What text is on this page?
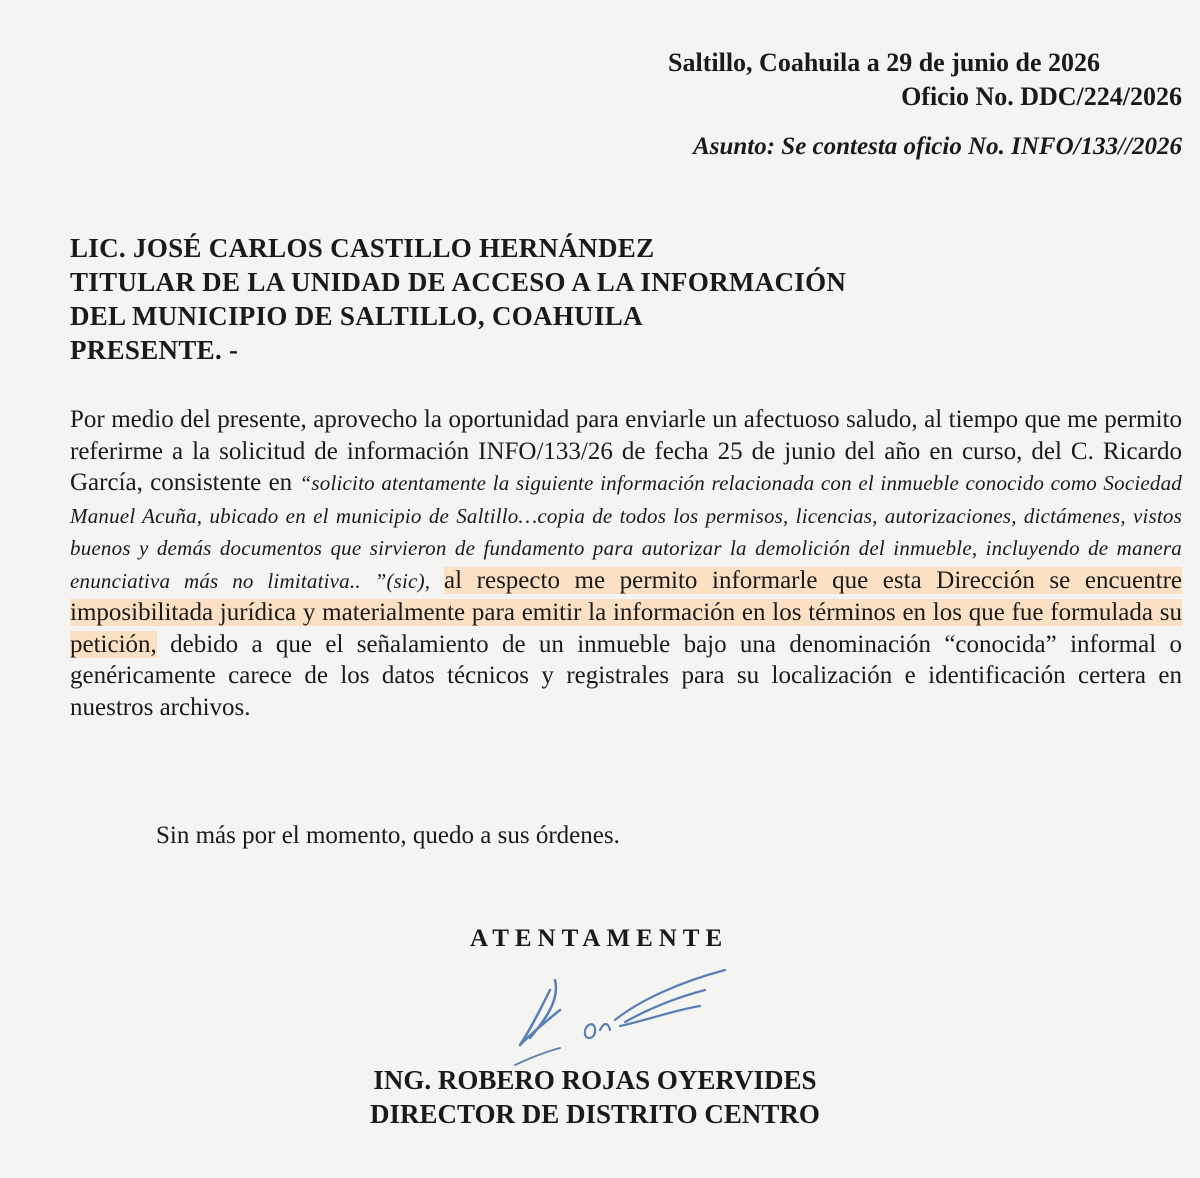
Saltillo, Coahuila a 29 de junio de 2026
Oficio No. DDC/224/2026
Asunto: Se contesta oficio No. INFO/133//2026
LIC. JOSÉ CARLOS CASTILLO HERNÁNDEZ
TITULAR DE LA UNIDAD DE ACCESO A LA INFORMACIÓN
DEL MUNICIPIO DE SALTILLO, COAHUILA
PRESENTE. -
Por medio del presente, aprovecho la oportunidad para enviarle un afectuoso saludo, al tiempo que me permito referirme a la solicitud de información INFO/133/26 de fecha 25 de junio del año en curso, del C. Ricardo García, consistente en “solicito atentamente la siguiente información relacionada con el inmueble conocido como Sociedad Manuel Acuña, ubicado en el municipio de Saltillo…copia de todos los permisos, licencias, autorizaciones, dictámenes, vistos buenos y demás documentos que sirvieron de fundamento para autorizar la demolición del inmueble, incluyendo de manera enunciativa más no limitativa.. ”(sic), al respecto me permito informarle que esta Dirección se encuentre imposibilitada jurídica y materialmente para emitir la información en los términos en los que fue formulada su petición, debido a que el señalamiento de un inmueble bajo una denominación “conocida” informal o genéricamente carece de los datos técnicos y registrales para su localización e identificación certera en nuestros archivos.
Sin más por el momento, quedo a sus órdenes.
ATENTAMENTE
ING. ROBERO ROJAS OYERVIDES
DIRECTOR DE DISTRITO CENTRO
